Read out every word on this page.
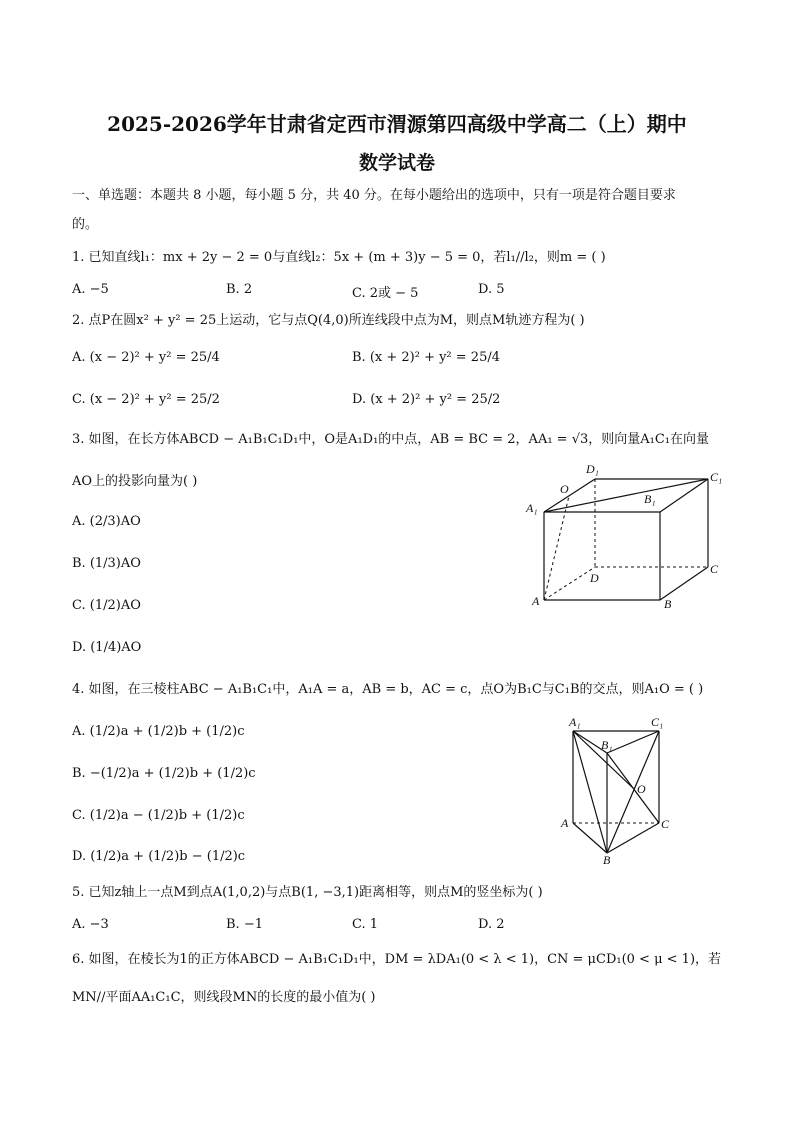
2025-2026学年甘肃省定西市渭源第四高级中学高二（上）期中
数学试卷
一、单选题：本题共 8 小题，每小题 5 分，共 40 分。在每小题给出的选项中，只有一项是符合题目要求
的。
1. 已知直线l₁：mx + 2y − 2 = 0与直线l₂：5x + (m + 3)y − 5 = 0，若l₁//l₂，则m = ( )
A. −5	B. 2	C. 2或 − 5	D. 5
2. 点P在圆x² + y² = 25上运动，它与点Q(4,0)所连线段中点为M，则点M轨迹方程为( )
A. (x − 2)² + y² = 25/4	B. (x + 2)² + y² = 25/4
C. (x − 2)² + y² = 25/2	D. (x + 2)² + y² = 25/2
3. 如图，在长方体ABCD − A₁B₁C₁D₁中，O是A₁D₁的中点，AB = BC = 2，AA₁ = √3，则向量A₁C₁在向量
AO上的投影向量为( )
A. (2/3)AO
B. (1/3)AO
C. (1/2)AO
D. (1/4)AO
D₁
C₁
A₁
O
B₁
D
C
A	B
4. 如图，在三棱柱ABC − A₁B₁C₁中，A₁A = a，AB = b，AC = c，点O为B₁C与C₁B的交点，则A₁O = ( )
A. (1/2)a + (1/2)b + (1/2)c
B. −(1/2)a + (1/2)b + (1/2)c
C. (1/2)a − (1/2)b + (1/2)c
D. (1/2)a + (1/2)b − (1/2)c
A₁	C₁
B₁
O
A	C
B
5. 已知z轴上一点M到点A(1,0,2)与点B(1, −3,1)距离相等，则点M的竖坐标为( )
A. −3	B. −1	C. 1	D. 2
6. 如图，在棱长为1的正方体ABCD − A₁B₁C₁D₁中，DM = λDA₁(0 < λ < 1)，CN = μCD₁(0 < μ < 1)，若
MN//平面AA₁C₁C，则线段MN的长度的最小值为( )
